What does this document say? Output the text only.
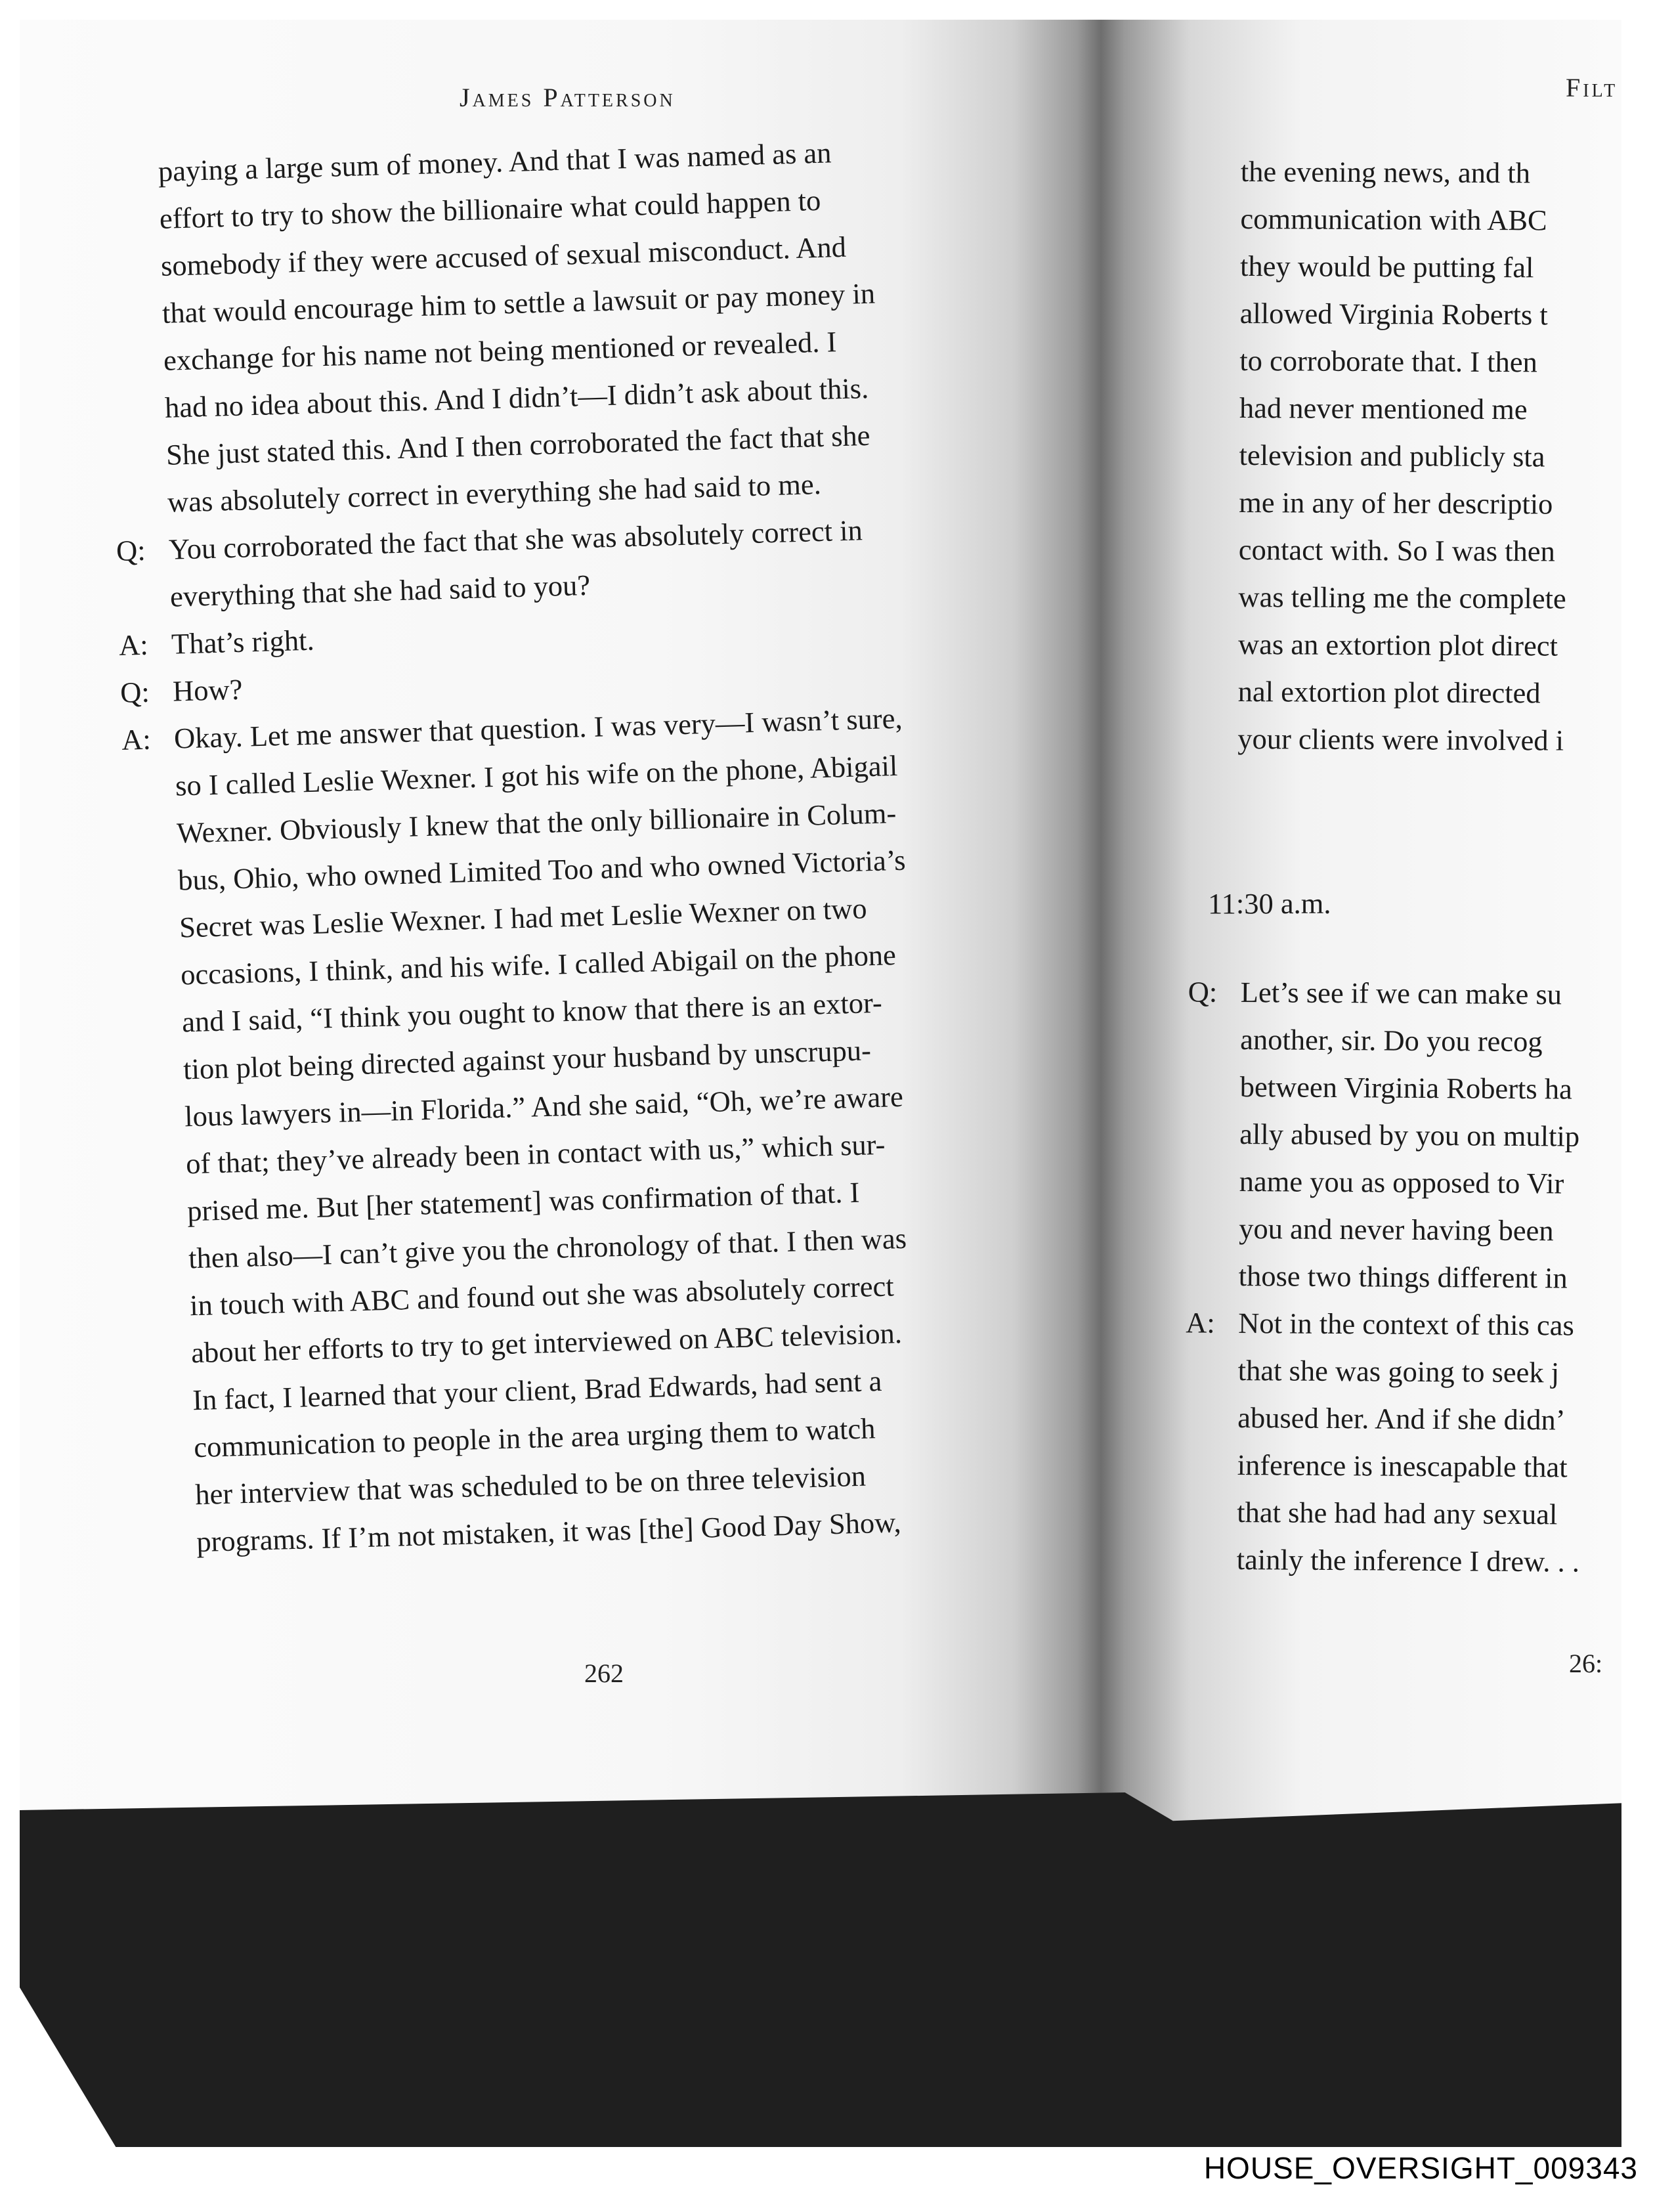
James Patterson
paying a large sum of money. And that I was named as an
effort to try to show the billionaire what could happen to
somebody if they were accused of sexual misconduct. And
that would encourage him to settle a lawsuit or pay money in
exchange for his name not being mentioned or revealed. I
had no idea about this. And I didn’t—I didn’t ask about this.
She just stated this. And I then corroborated the fact that she
was absolutely correct in everything she had said to me.
Q: You corroborated the fact that she was absolutely correct in
everything that she had said to you?
A: That’s right.
Q: How?
A: Okay. Let me answer that question. I was very—I wasn’t sure,
so I called Leslie Wexner. I got his wife on the phone, Abigail
Wexner. Obviously I knew that the only billionaire in Colum-
bus, Ohio, who owned Limited Too and who owned Victoria’s
Secret was Leslie Wexner. I had met Leslie Wexner on two
occasions, I think, and his wife. I called Abigail on the phone
and I said, “I think you ought to know that there is an extor-
tion plot being directed against your husband by unscrupu-
lous lawyers in—in Florida.” And she said, “Oh, we’re aware
of that; they’ve already been in contact with us,” which sur-
prised me. But [her statement] was confirmation of that. I
then also—I can’t give you the chronology of that. I then was
in touch with ABC and found out she was absolutely correct
about her efforts to try to get interviewed on ABC television.
In fact, I learned that your client, Brad Edwards, had sent a
communication to people in the area urging them to watch
her interview that was scheduled to be on three television
programs. If I’m not mistaken, it was [the] Good Day Show,
262
Filt
the evening news, and th
communication with ABC
they would be putting fal
allowed Virginia Roberts t
to corroborate that. I then
had never mentioned me
television and publicly sta
me in any of her descriptio
contact with. So I was then
was telling me the complete
was an extortion plot direct
nal extortion plot directed
your clients were involved i
11:30 a.m.
Q: Let’s see if we can make su
another, sir. Do you recog
between Virginia Roberts ha
ally abused by you on multip
name you as opposed to Vir
you and never having been
those two things different in
A: Not in the context of this cas
that she was going to seek j
abused her. And if she didn’
inference is inescapable that
that she had had any sexual
tainly the inference I drew. . .
26:
HOUSE_OVERSIGHT_009343
